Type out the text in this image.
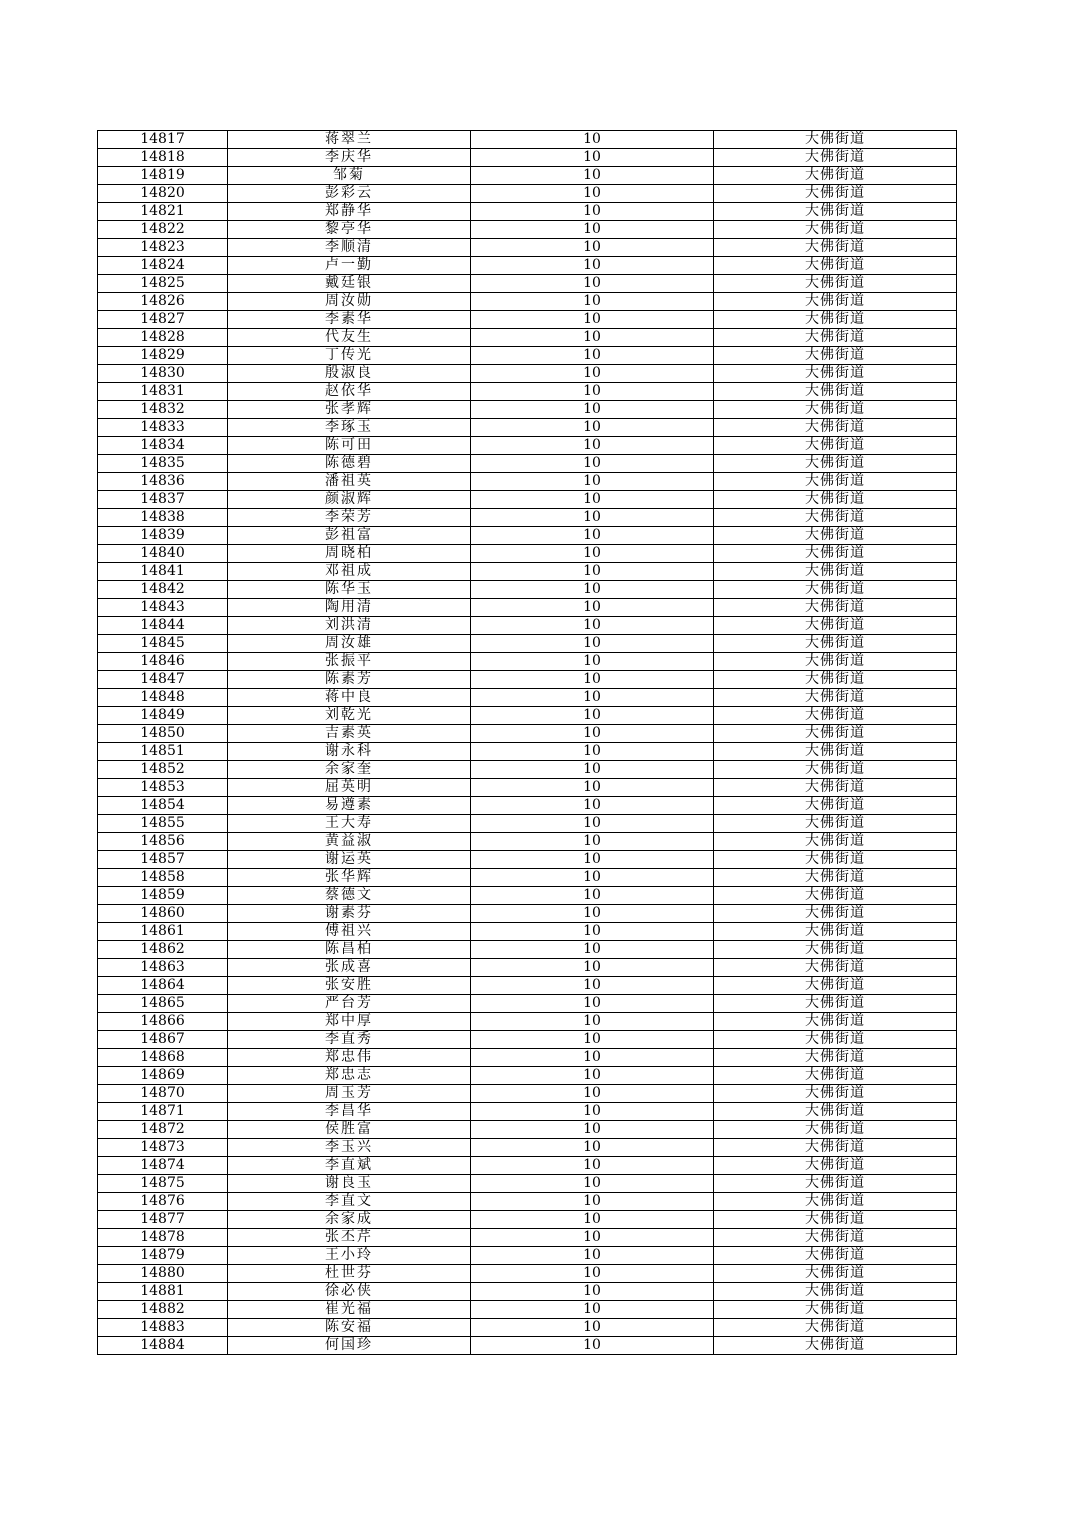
14817	蒋翠兰	10	大佛街道
14818	李庆华	10	大佛街道
14819	邹菊	10	大佛街道
14820	彭彩云	10	大佛街道
14821	郑静华	10	大佛街道
14822	黎亭华	10	大佛街道
14823	李顺清	10	大佛街道
14824	卢一勤	10	大佛街道
14825	戴廷银	10	大佛街道
14826	周汝勋	10	大佛街道
14827	李素华	10	大佛街道
14828	代友生	10	大佛街道
14829	丁传光	10	大佛街道
14830	殷淑良	10	大佛街道
14831	赵依华	10	大佛街道
14832	张孝辉	10	大佛街道
14833	李琢玉	10	大佛街道
14834	陈可田	10	大佛街道
14835	陈德碧	10	大佛街道
14836	潘祖英	10	大佛街道
14837	颜淑辉	10	大佛街道
14838	李荣芳	10	大佛街道
14839	彭祖富	10	大佛街道
14840	周晓柏	10	大佛街道
14841	邓祖成	10	大佛街道
14842	陈华玉	10	大佛街道
14843	陶用清	10	大佛街道
14844	刘洪清	10	大佛街道
14845	周汝雄	10	大佛街道
14846	张振平	10	大佛街道
14847	陈素芳	10	大佛街道
14848	蒋中良	10	大佛街道
14849	刘乾光	10	大佛街道
14850	吉素英	10	大佛街道
14851	谢永科	10	大佛街道
14852	余家奎	10	大佛街道
14853	屈英明	10	大佛街道
14854	易遵素	10	大佛街道
14855	王大寿	10	大佛街道
14856	黄益淑	10	大佛街道
14857	谢运英	10	大佛街道
14858	张华辉	10	大佛街道
14859	蔡德文	10	大佛街道
14860	谢素芬	10	大佛街道
14861	傅祖兴	10	大佛街道
14862	陈昌柏	10	大佛街道
14863	张成喜	10	大佛街道
14864	张安胜	10	大佛街道
14865	严台芳	10	大佛街道
14866	郑中厚	10	大佛街道
14867	李直秀	10	大佛街道
14868	郑忠伟	10	大佛街道
14869	郑忠志	10	大佛街道
14870	周玉芳	10	大佛街道
14871	李昌华	10	大佛街道
14872	侯胜富	10	大佛街道
14873	李玉兴	10	大佛街道
14874	李直斌	10	大佛街道
14875	谢良玉	10	大佛街道
14876	李直文	10	大佛街道
14877	余家成	10	大佛街道
14878	张丕芹	10	大佛街道
14879	王小玲	10	大佛街道
14880	杜世芬	10	大佛街道
14881	徐必侠	10	大佛街道
14882	崔光福	10	大佛街道
14883	陈安福	10	大佛街道
14884	何国珍	10	大佛街道
